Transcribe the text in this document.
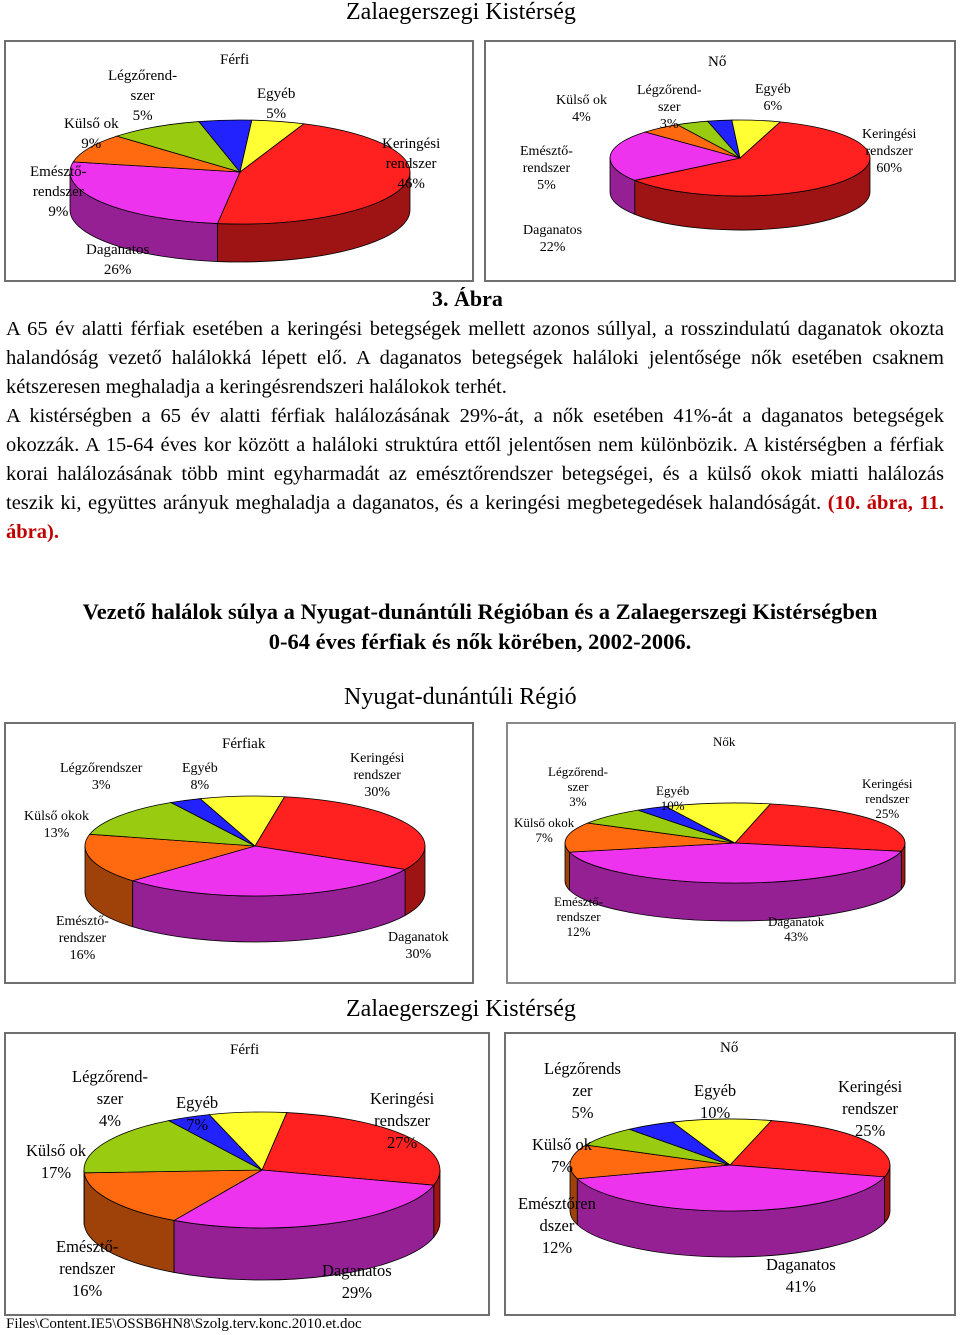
Zalaegerszegi Kistérség
Férfi
Légzőrend-
szer
5%
Egyéb
5%
Külső ok
9%	Keringési
rendszer
46%
Emésztő-
rendszer
9%
Daganatos
26%
Nő
Külső ok
4%
Légzőrend-
szer
3%
Egyéb
6%
Keringési
rendszer
60%
Emésztő-
rendszer
5%
Daganatos
22%
3. Ábra

A 65 év alatti férfiak esetében a keringési betegségek mellett azonos súllyal, a rosszindulatú daganatok okozta halandóság vezető halálokká lépett elő. A daganatos betegségek haláloki jelentősége nők esetében csaknem kétszeresen meghaladja a keringésrendszeri halálokok terhét.

A kistérségben a 65 év alatti férfiak halálozásának 29%-át, a nők esetében 41%-át a daganatos betegségek okozzák. A 15-64 éves kor között a haláloki struktúra ettől jelentősen nem különbözik. A kistérségben a férfiak korai halálozásának több mint egyharmadát az emésztőrendszer betegségei, és a külső okok miatti halálozás teszik ki, együttes arányuk meghaladja a daganatos, és a keringési megbetegedések halandóságát. (10. ábra, 11. ábra).

Vezető halálok súlya a Nyugat-dunántúli Régióban és a Zalaegerszegi Kistérségben
0-64 éves férfiak és nők körében, 2002-2006.
Nyugat-dunántúli Régió
Férfiak
Légzőrendszer
3%
Egyéb
8%
Keringési
rendszer
30%
Külső okok
13%
Emésztő-
rendszer
16%
Daganatok
30%
Nők
Légzőrend-
szer
3%
Egyéb
10%
Keringési
rendszer
25%
Külső okok
7%
Emésztő-
rendszer
12%
Daganatok
43%
Zalaegerszegi Kistérség
Férfi
Légzőrend-
szer
4%
Egyéb
7%
Keringési
rendszer
27%
Külső ok
17%
Emésztő-
rendszer
16%
Daganatos
29%
Nő
Légzőrends
zer
5%
Egyéb
10%
Keringési
rendszer
25%
Külső ok
7%
Emésztőren
dszer
12%
Daganatos
41%
Files\Content.IE5\OSSB6HN8\Szolg.terv.konc.2010.et.doc
